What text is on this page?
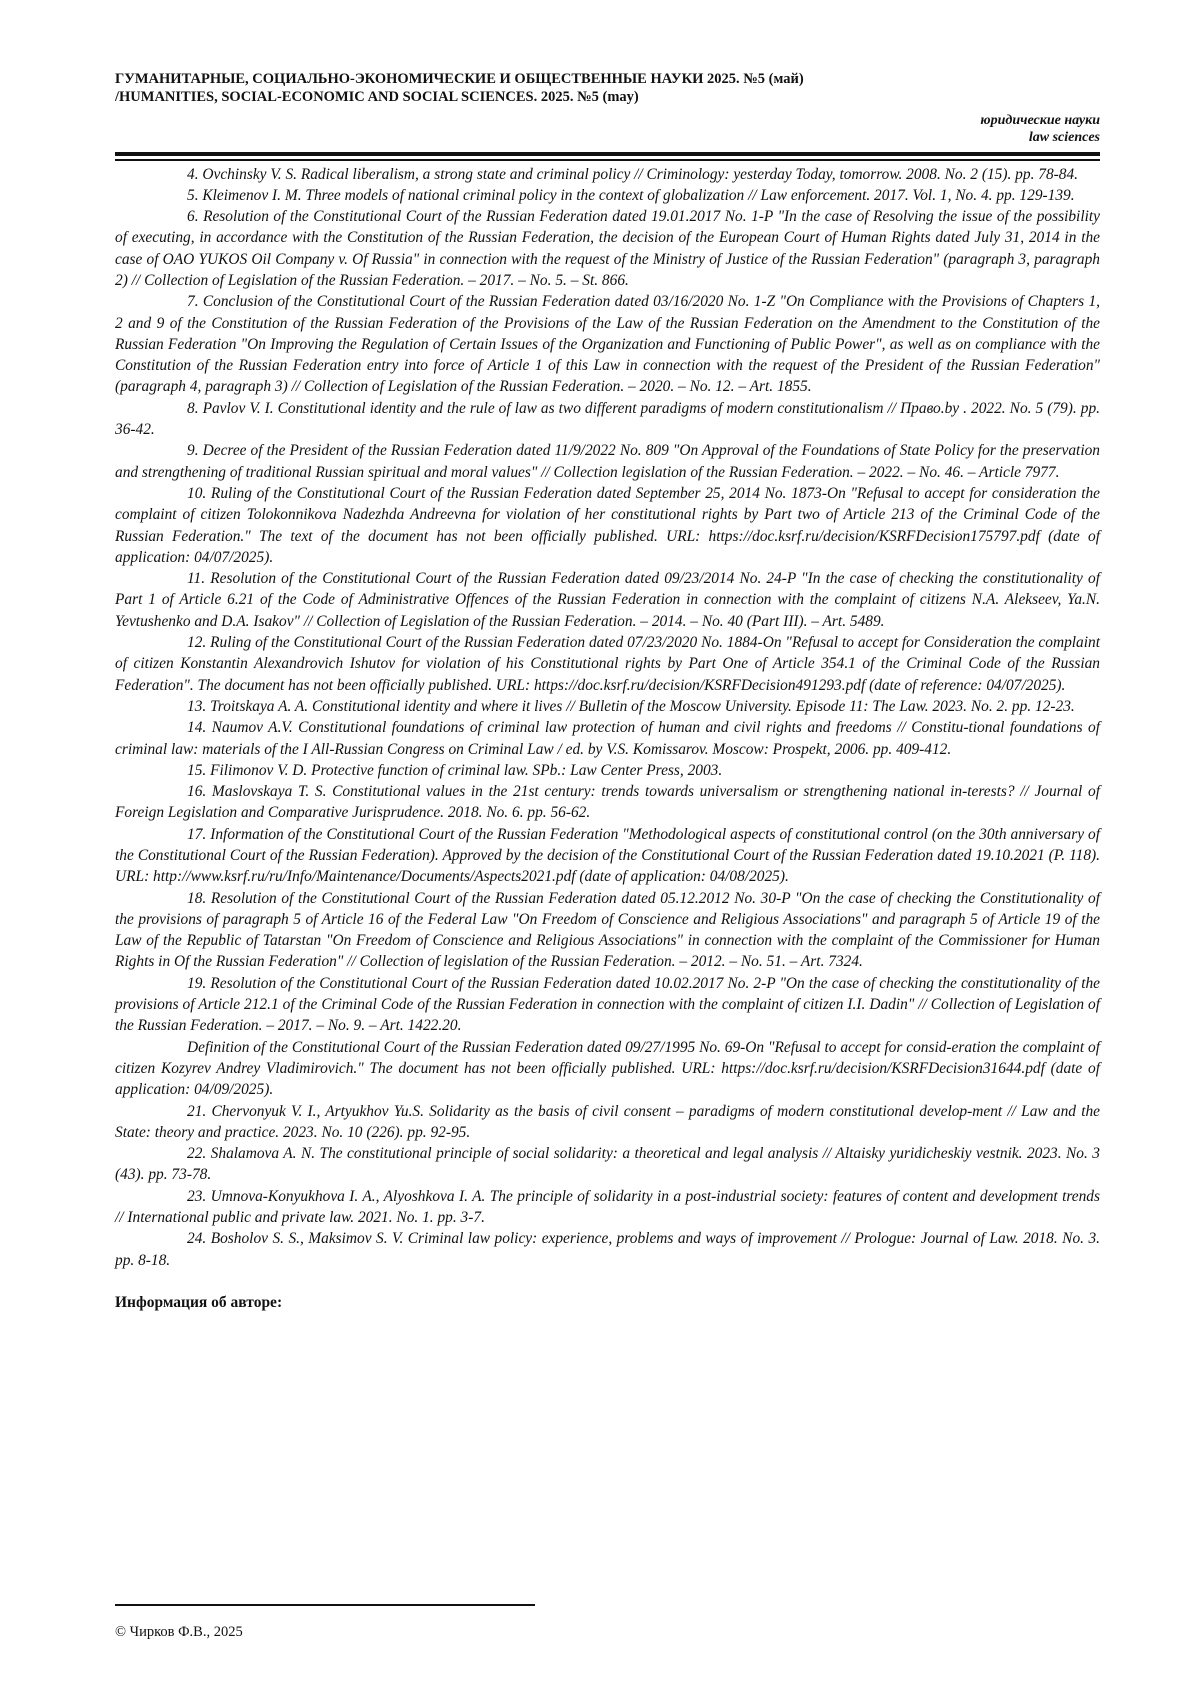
ГУМАНИТАРНЫЕ, СОЦИАЛЬНО-ЭКОНОМИЧЕСКИЕ И ОБЩЕСТВЕННЫЕ НАУКИ 2025. №5 (май)

/HUMANITIES, SOCIAL-ECONOMIC AND SOCIAL SCIENCES. 2025. №5 (may)

юридические науки
law sciences

4. Ovchinsky V. S. Radical liberalism, a strong state and criminal policy // Criminology: yesterday Today, tomorrow. 2008. No. 2 (15). pp. 78-84.

5. Kleimenov I. M. Three models of national criminal policy in the context of globalization // Law enforcement. 2017. Vol. 1, No. 4. pp. 129-139.

6. Resolution of the Constitutional Court of the Russian Federation dated 19.01.2017 No. 1-P "In the case of Resolving the issue of the possibility of executing, in accordance with the Constitution of the Russian Federation, the decision of the European Court of Human Rights dated July 31, 2014 in the case of OAO YUKOS Oil Company v. Of Russia" in connection with the request of the Ministry of Justice of the Russian Federation" (paragraph 3, paragraph 2) // Collection of Legislation of the Russian Federation. – 2017. – No. 5. – St. 866.

7. Conclusion of the Constitutional Court of the Russian Federation dated 03/16/2020 No. 1-Z "On Compliance with the Provisions of Chapters 1, 2 and 9 of the Constitution of the Russian Federation of the Provisions of the Law of the Russian Federation on the Amendment to the Constitution of the Russian Federation "On Improving the Regulation of Certain Issues of the Organization and Functioning of Public Power", as well as on compliance with the Constitution of the Russian Federation entry into force of Article 1 of this Law in connection with the request of the President of the Russian Federation" (paragraph 4, paragraph 3) // Collection of Legislation of the Russian Federation. – 2020. – No. 12. – Art. 1855.

8. Pavlov V. I. Constitutional identity and the rule of law as two different paradigms of modern constitutionalism // Право.by . 2022. No. 5 (79). pp. 36-42.

9. Decree of the President of the Russian Federation dated 11/9/2022 No. 809 "On Approval of the Foundations of State Policy for the preservation and strengthening of traditional Russian spiritual and moral values" // Collection legislation of the Russian Federation. – 2022. – No. 46. – Article 7977.

10. Ruling of the Constitutional Court of the Russian Federation dated September 25, 2014 No. 1873-On "Refusal to accept for consideration the complaint of citizen Tolokonnikova Nadezhda Andreevna for violation of her constitutional rights by Part two of Article 213 of the Criminal Code of the Russian Federation." The text of the document has not been officially published. URL: https://doc.ksrf.ru/decision/KSRFDecision175797.pdf (date of application: 04/07/2025).

11. Resolution of the Constitutional Court of the Russian Federation dated 09/23/2014 No. 24-P "In the case of checking the constitutionality of Part 1 of Article 6.21 of the Code of Administrative Offences of the Russian Federation in connection with the complaint of citizens N.A. Alekseev, Ya.N. Yevtushenko and D.A. Isakov" // Collection of Legislation of the Russian Federation. – 2014. – No. 40 (Part III). – Art. 5489.

12. Ruling of the Constitutional Court of the Russian Federation dated 07/23/2020 No. 1884-On "Refusal to accept for Consideration the complaint of citizen Konstantin Alexandrovich Ishutov for violation of his Constitutional rights by Part One of Article 354.1 of the Criminal Code of the Russian Federation". The document has not been officially published. URL: https://doc.ksrf.ru/decision/KSRFDecision491293.pdf (date of reference: 04/07/2025).

13. Troitskaya A. A. Constitutional identity and where it lives // Bulletin of the Moscow University. Episode 11: The Law. 2023. No. 2. pp. 12-23.

14. Naumov A.V. Constitutional foundations of criminal law protection of human and civil rights and freedoms // Constitu-tional foundations of criminal law: materials of the I All-Russian Congress on Criminal Law / ed. by V.S. Komissarov. Moscow: Prospekt, 2006. pp. 409-412.

15. Filimonov V. D. Protective function of criminal law. SPb.: Law Center Press, 2003.

16. Maslovskaya T. S. Constitutional values in the 21st century: trends towards universalism or strengthening national in-terests? // Journal of Foreign Legislation and Comparative Jurisprudence. 2018. No. 6. pp. 56-62.

17. Information of the Constitutional Court of the Russian Federation "Methodological aspects of constitutional control (on the 30th anniversary of the Constitutional Court of the Russian Federation). Approved by the decision of the Constitutional Court of the Russian Federation dated 19.10.2021 (P. 118). URL: http://www.ksrf.ru/ru/Info/Maintenance/Documents/Aspects2021.pdf (date of application: 04/08/2025).

18. Resolution of the Constitutional Court of the Russian Federation dated 05.12.2012 No. 30-P "On the case of checking the Constitutionality of the provisions of paragraph 5 of Article 16 of the Federal Law "On Freedom of Conscience and Religious Associations" and paragraph 5 of Article 19 of the Law of the Republic of Tatarstan "On Freedom of Conscience and Religious Associations" in connection with the complaint of the Commissioner for Human Rights in Of the Russian Federation" // Collection of legislation of the Russian Federation. – 2012. – No. 51. – Art. 7324.

19. Resolution of the Constitutional Court of the Russian Federation dated 10.02.2017 No. 2-P "On the case of checking the constitutionality of the provisions of Article 212.1 of the Criminal Code of the Russian Federation in connection with the complaint of citizen I.I. Dadin" // Collection of Legislation of the Russian Federation. – 2017. – No. 9. – Art. 1422.20.

Definition of the Constitutional Court of the Russian Federation dated 09/27/1995 No. 69-On "Refusal to accept for consid-eration the complaint of citizen Kozyrev Andrey Vladimirovich." The document has not been officially published. URL: https://doc.ksrf.ru/decision/KSRFDecision31644.pdf (date of application: 04/09/2025).

21. Chervonyuk V. I., Artyukhov Yu.S. Solidarity as the basis of civil consent – paradigms of modern constitutional develop-ment // Law and the State: theory and practice. 2023. No. 10 (226). pp. 92-95.

22. Shalamova A. N. The constitutional principle of social solidarity: a theoretical and legal analysis // Altaisky yuridicheskiy vestnik. 2023. No. 3 (43). pp. 73-78.

23. Umnova-Konyukhova I. A., Alyoshkova I. A. The principle of solidarity in a post-industrial society: features of content and development trends // International public and private law. 2021. No. 1. pp. 3-7.

24. Bosholov S. S., Maksimov S. V. Criminal law policy: experience, problems and ways of improvement // Prologue: Journal of Law. 2018. No. 3. pp. 8-18.

Информация об авторе:
© Чирков Ф.В., 2025
